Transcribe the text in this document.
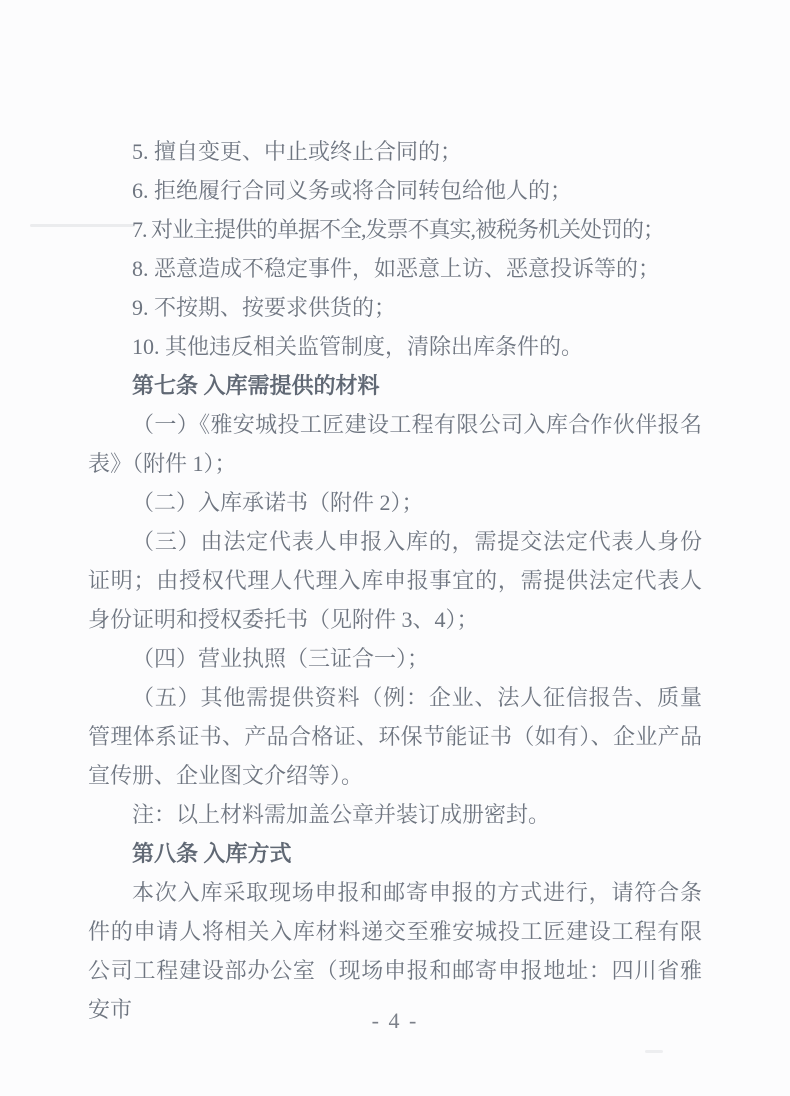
5. 擅自变更、中止或终止合同的；

6. 拒绝履行合同义务或将合同转包给他人的；

7. 对业主提供的单据不全,发票不真实,被税务机关处罚的；

8. 恶意造成不稳定事件，如恶意上访、恶意投诉等的；

9. 不按期、按要求供货的；

10. 其他违反相关监管制度，清除出库条件的。

第七条 入库需提供的材料

（一）《雅安城投工匠建设工程有限公司入库合作伙伴报名表》（附件 1）；

（二）入库承诺书（附件 2）；

（三）由法定代表人申报入库的，需提交法定代表人身份证明；由授权代理人代理入库申报事宜的，需提供法定代表人身份证明和授权委托书（见附件 3、4）；

（四）营业执照（三证合一）；

（五）其他需提供资料（例：企业、法人征信报告、质量管理体系证书、产品合格证、环保节能证书（如有）、企业产品宣传册、企业图文介绍等）。

注：以上材料需加盖公章并装订成册密封。

第八条 入库方式

本次入库采取现场申报和邮寄申报的方式进行，请符合条件的申请人将相关入库材料递交至雅安城投工匠建设工程有限公司工程建设部办公室（现场申报和邮寄申报地址：四川省雅安市	- 4 -
